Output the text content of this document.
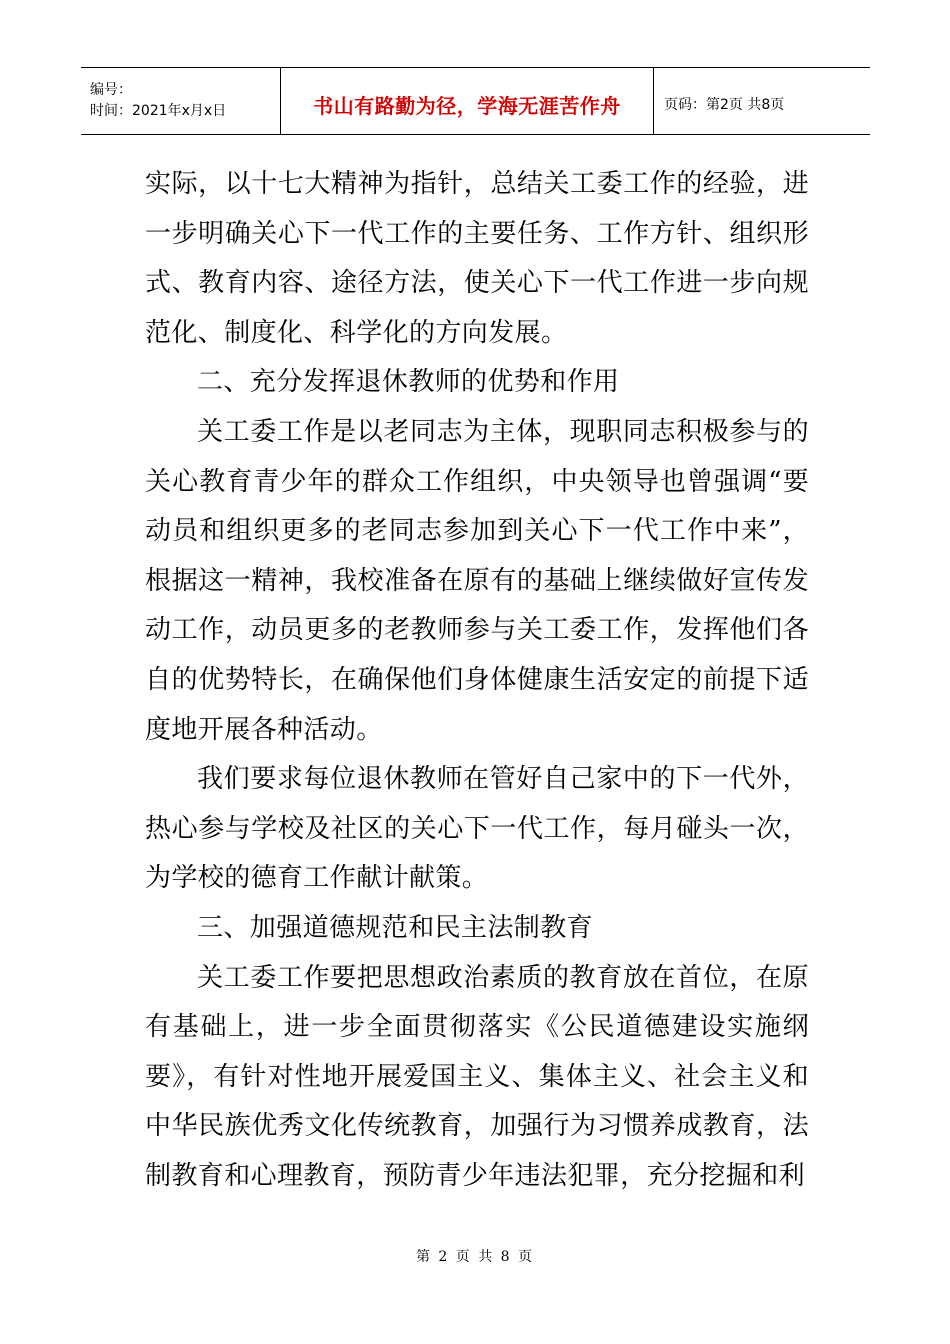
编号：
时间：2021年x月x日	书山有路勤为径，学海无涯苦作舟	页码：第2页 共8页

实际，以十七大精神为指针，总结关工委工作的经验，进一步明确关心下一代工作的主要任务、工作方针、组织形式、教育内容、途径方法，使关心下一代工作进一步向规范化、制度化、科学化的方向发展。

二、充分发挥退休教师的优势和作用

关工委工作是以老同志为主体，现职同志积极参与的关心教育青少年的群众工作组织，中央领导也曾强调“要动员和组织更多的老同志参加到关心下一代工作中来”，根据这一精神，我校准备在原有的基础上继续做好宣传发动工作，动员更多的老教师参与关工委工作，发挥他们各自的优势特长，在确保他们身体健康生活安定的前提下适度地开展各种活动。

我们要求每位退休教师在管好自己家中的下一代外，热心参与学校及社区的关心下一代工作，每月碰头一次，为学校的德育工作献计献策。

三、加强道德规范和民主法制教育

关工委工作要把思想政治素质的教育放在首位，在原有基础上，进一步全面贯彻落实《公民道德建设实施纲要》，有针对性地开展爱国主义、集体主义、社会主义和中华民族优秀文化传统教育，加强行为习惯养成教育，法制教育和心理教育，预防青少年违法犯罪，充分挖掘和利

第 2 页 共 8 页
